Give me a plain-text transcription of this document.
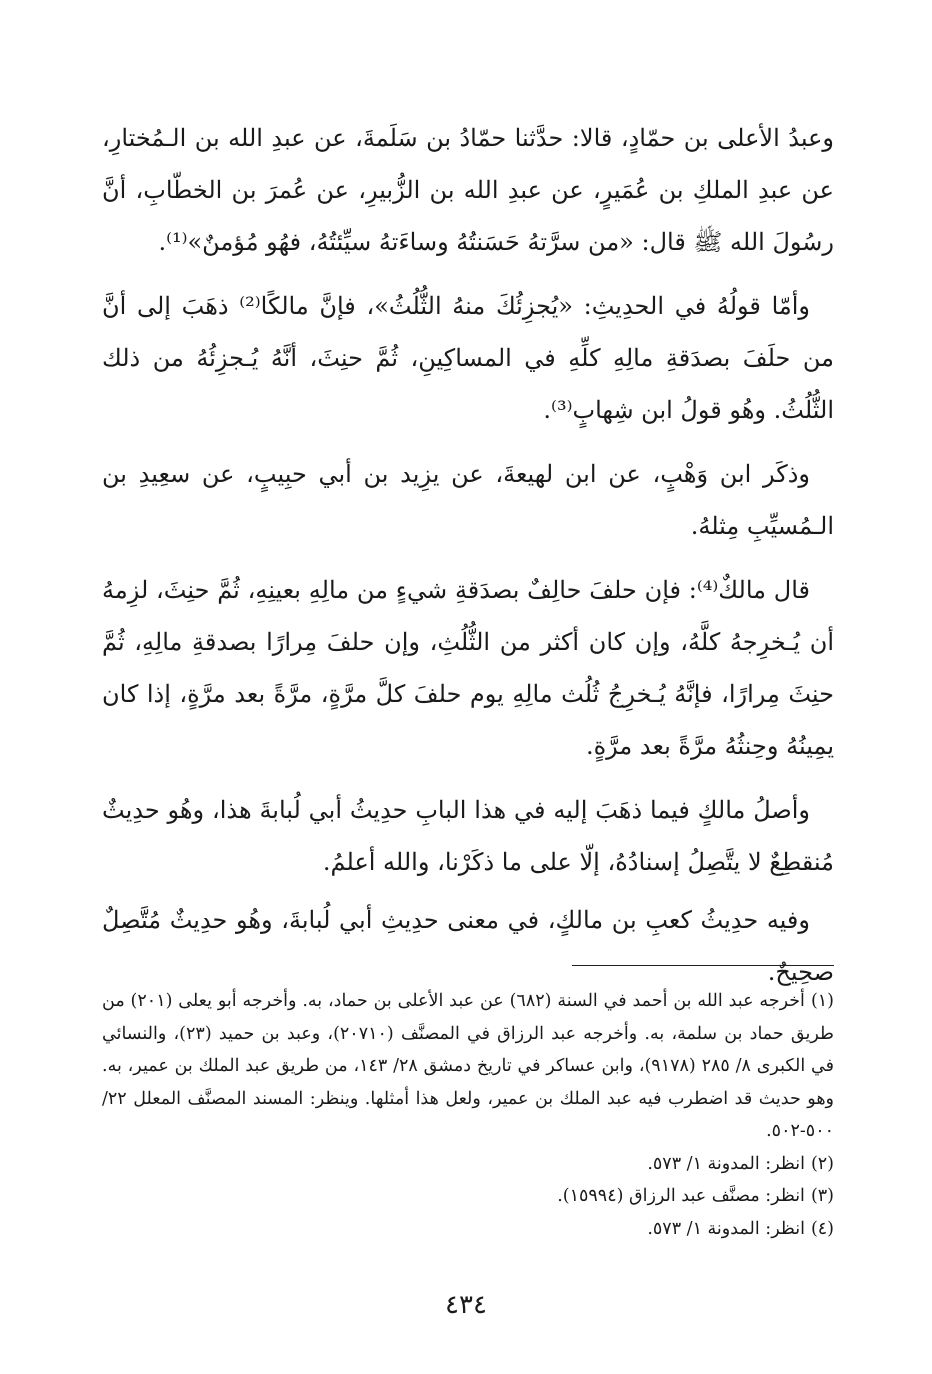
وعبدُ الأعلى بن حمّادٍ، قالا: حدَّثنا حمّادُ بن سَلَمةَ، عن عبدِ الله بن الـمُختارِ، عن عبدِ الملكِ بن عُمَيرٍ، عن عبدِ الله بن الزُّبيرِ، عن عُمرَ بن الخطّابِ، أنَّ رسُولَ الله ﷺ قال: «من سرَّتهُ حَسَنتُهُ وساءَتهُ سيِّئتُهُ، فهُو مُؤمنٌ»⁽¹⁾.

وأمّا قولُهُ في الحدِيثِ: «يُجزِئُكَ منهُ الثُّلُثُ»، فإنَّ مالكًا⁽²⁾ ذهَبَ إلى أنَّ من حلَفَ بصدَقةِ مالِهِ كلِّهِ في المساكِينِ، ثُمَّ حنِثَ، أنَّهُ يُـجزِئُهُ من ذلك الثُّلُثُ. وهُو قولُ ابن شِهابٍ⁽³⁾.

وذكَر ابن وَهْبٍ، عن ابن لهيعةَ، عن يزِيد بن أبي حبِيبٍ، عن سعِيدِ بن الـمُسيِّبِ مِثلهُ.

قال مالكٌ⁽⁴⁾: فإن حلفَ حالِفٌ بصدَقةِ شيءٍ من مالِهِ بعينِهِ، ثُمَّ حنِثَ، لزِمهُ أن يُـخرِجهُ كلَّهُ، وإن كان أكثر من الثُّلُثِ، وإن حلفَ مِرارًا بصدقةِ مالِهِ، ثُمَّ حنِثَ مِرارًا، فإنَّهُ يُـخرِجُ ثُلُث مالِهِ يوم حلفَ كلَّ مرَّةٍ، مرَّةً بعد مرَّةٍ، إذا كان يمِينُهُ وحِنثُهُ مرَّةً بعد مرَّةٍ.

وأصلُ مالكٍ فيما ذهَبَ إليه في هذا البابِ حدِيثُ أبي لُبابةَ هذا، وهُو حدِيثٌ مُنقطِعٌ لا يتَّصِلُ إسنادُهُ، إلّا على ما ذكَرْنا، والله أعلمُ.

وفيه حدِيثُ كعبِ بن مالكٍ، في معنى حدِيثِ أبي لُبابةَ، وهُو حدِيثٌ مُتَّصِلٌ صحِيحٌ.

(١)أخرجه عبد الله بن أحمد في السنة (٦٨٢) عن عبد الأعلى بن حماد، به. وأخرجه أبو يعلى (٢٠١) من طريق حماد بن سلمة، به. وأخرجه عبد الرزاق في المصنَّف (٢٠٧١٠)، وعبد بن حميد (٢٣)، والنسائي في الكبرى ٨/ ٢٨٥ (٩١٧٨)، وابن عساكر في تاريخ دمشق ٢٨/ ١٤٣، من طريق عبد الملك بن عمير، به. وهو حديث قد اضطرب فيه عبد الملك بن عمير، ولعل هذا أمثلها. وينظر: المسند المصنَّف المعلل ٢٢/ ٥٠٠-٥٠٢.

(٢)انظر: المدونة ١/ ٥٧٣.

(٣)انظر: مصنَّف عبد الرزاق (١٥٩٩٤).

(٤)انظر: المدونة ١/ ٥٧٣.

٤٣٤
